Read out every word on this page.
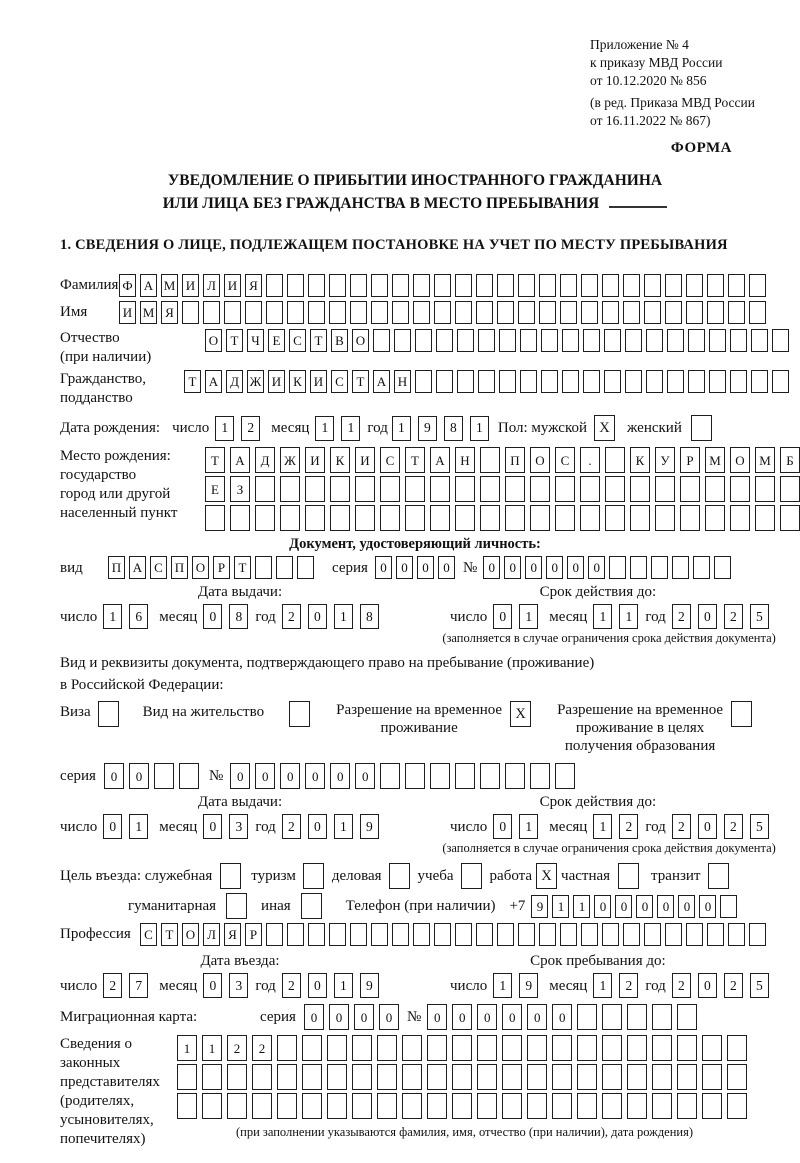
Приложение № 4
к приказу МВД России
от 10.12.2020 № 856
(в ред. Приказа МВД России
от 16.11.2022 № 867)
ФОРМА
УВЕДОМЛЕНИЕ О ПРИБЫТИИ ИНОСТРАННОГО ГРАЖДАНИНА
ИЛИ ЛИЦА БЕЗ ГРАЖДАНСТВА В МЕСТО ПРЕБЫВАНИЯ
1. СВЕДЕНИЯ О ЛИЦЕ, ПОДЛЕЖАЩЕМ ПОСТАНОВКЕ НА УЧЕТ ПО МЕСТУ ПРЕБЫВАНИЯ
Фамилия Ф А М И Л И Я
Имя	И М Я
Отчество
(при наличии)
О Т Ч Е С Т В О
Гражданство,
подданство
Т А Д Ж И К И С Т А Н
Дата рождения: число 1	2	месяц 1	1 год 1	9	8	1	Пол: мужской X	женский
Место рождения:
государство
город или другой
населенный пункт
Т	А	Д	Ж	И	К	И	С	Т	А	Н	П	О	С	.	К	У	Р	М	О	М	Б
Е	З
Документ, удостоверяющий личность:
вид	П А С П О Р	Т	серия 0	0	0	0 № 0	0	0	0	0	0
Дата выдачи:
число 1	6	месяц 0	8 год 2	0	1	8
Срок действия до:
число 0	1	месяц 1	1 год 2	0	2	5
(заполняется в случае ограничения срока действия документа)
Вид и реквизиты документа, подтверждающего право на пребывание (проживание)
в Российской Федерации:
Виза	Вид на жительство	Разрешение на временное
проживание
X	Разрешение на временное
проживание в целях
получения образования
серия	0	0	№	0	0	0	0	0	0
Дата выдачи:
число 0	1	месяц 0	3 год 2	0	1	9
Срок действия до:
число 0	1	месяц 1	2 год 2	0	2	5
(заполняется в случае ограничения срока действия документа)
Цель въезда: служебная	туризм деловая учеба работа X частная	транзит
гуманитарная	иная	Телефон (при наличии) +7 9	1	1	0	0	0	0	0	0
Профессия	С Т О Л Я	Р
Дата въезда:
число 2	7	месяц 0	3 год 2	0	1	9
Срок пребывания до:
число 1	9	месяц 1	2 год 2	0	2	5
Миграционная карта:	серия	0	0	0	0 № 0	0	0	0	0	0
Сведения о
законных
представителях
(родителях,
усыновителях,
попечителях)
1	1	2	2
(при заполнении указываются фамилия, имя, отчество (при наличии), дата рождения)
